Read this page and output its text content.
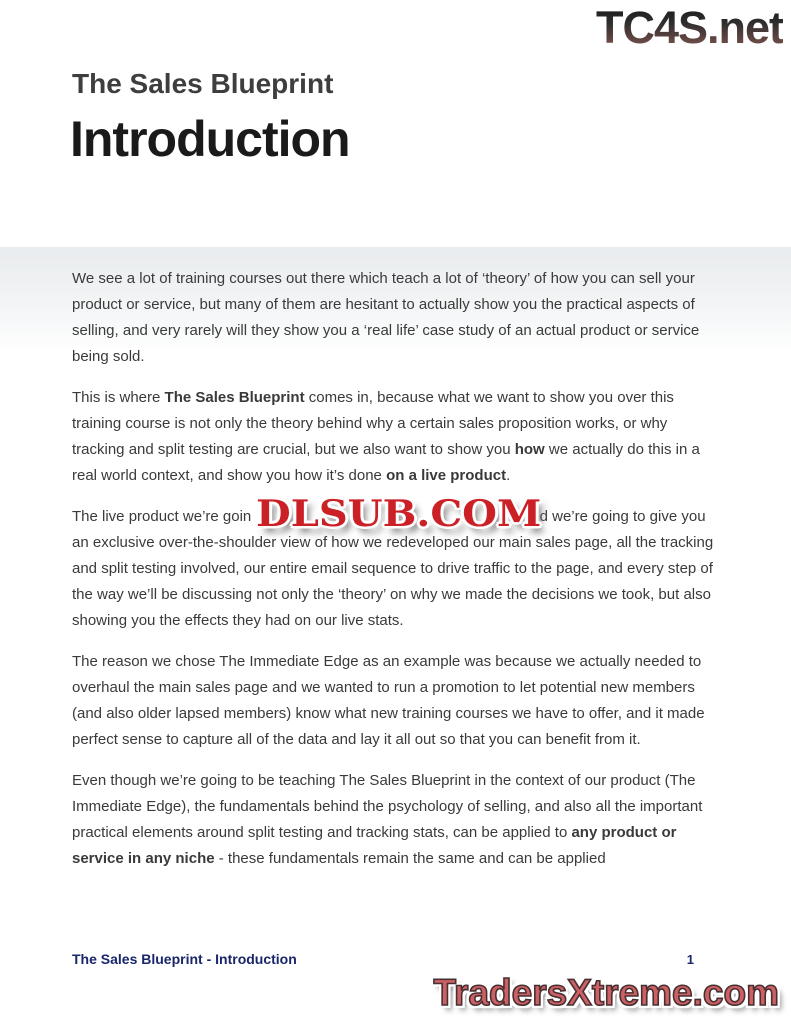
TC4S.net
The Sales Blueprint
Introduction

We see a lot of training courses out there which teach a lot of ‘theory’ of how you can sell your product or service, but many of them are hesitant to actually show you the practical aspects of selling, and very rarely will they show you a ‘real life’ case study of an actual product or service being sold.

This is where The Sales Blueprint comes in, because what we want to show you over this training course is not only the theory behind why a certain sales proposition works, or why tracking and split testing are crucial, but we also want to show you how we actually do this in a real world context, and show you how it’s done on a live product.

The live product we’re goin	nd we’re going to give you an exclusive over-the-shoulder view of how we redeveloped our main sales page, all the tracking and split testing involved, our entire email sequence to drive traffic to the page, and every step of the way we’ll be discussing not only the ‘theory’ on why we made the decisions we took, but also showing you the effects they had on our live stats.

The reason we chose The Immediate Edge as an example was because we actually needed to overhaul the main sales page and we wanted to run a promotion to let potential new members (and also older lapsed members) know what new training courses we have to offer, and it made perfect sense to capture all of the data and lay it all out so that you can benefit from it.

Even though we’re going to be teaching The Sales Blueprint in the context of our product (The Immediate Edge), the fundamentals behind the psychology of selling, and also all the important practical elements around split testing and tracking stats, can be applied to any product or service in any niche - these fundamentals remain the same and can be applied

DLSUB.COM
The Sales Blueprint - Introduction	1
TradersXtreme.com
